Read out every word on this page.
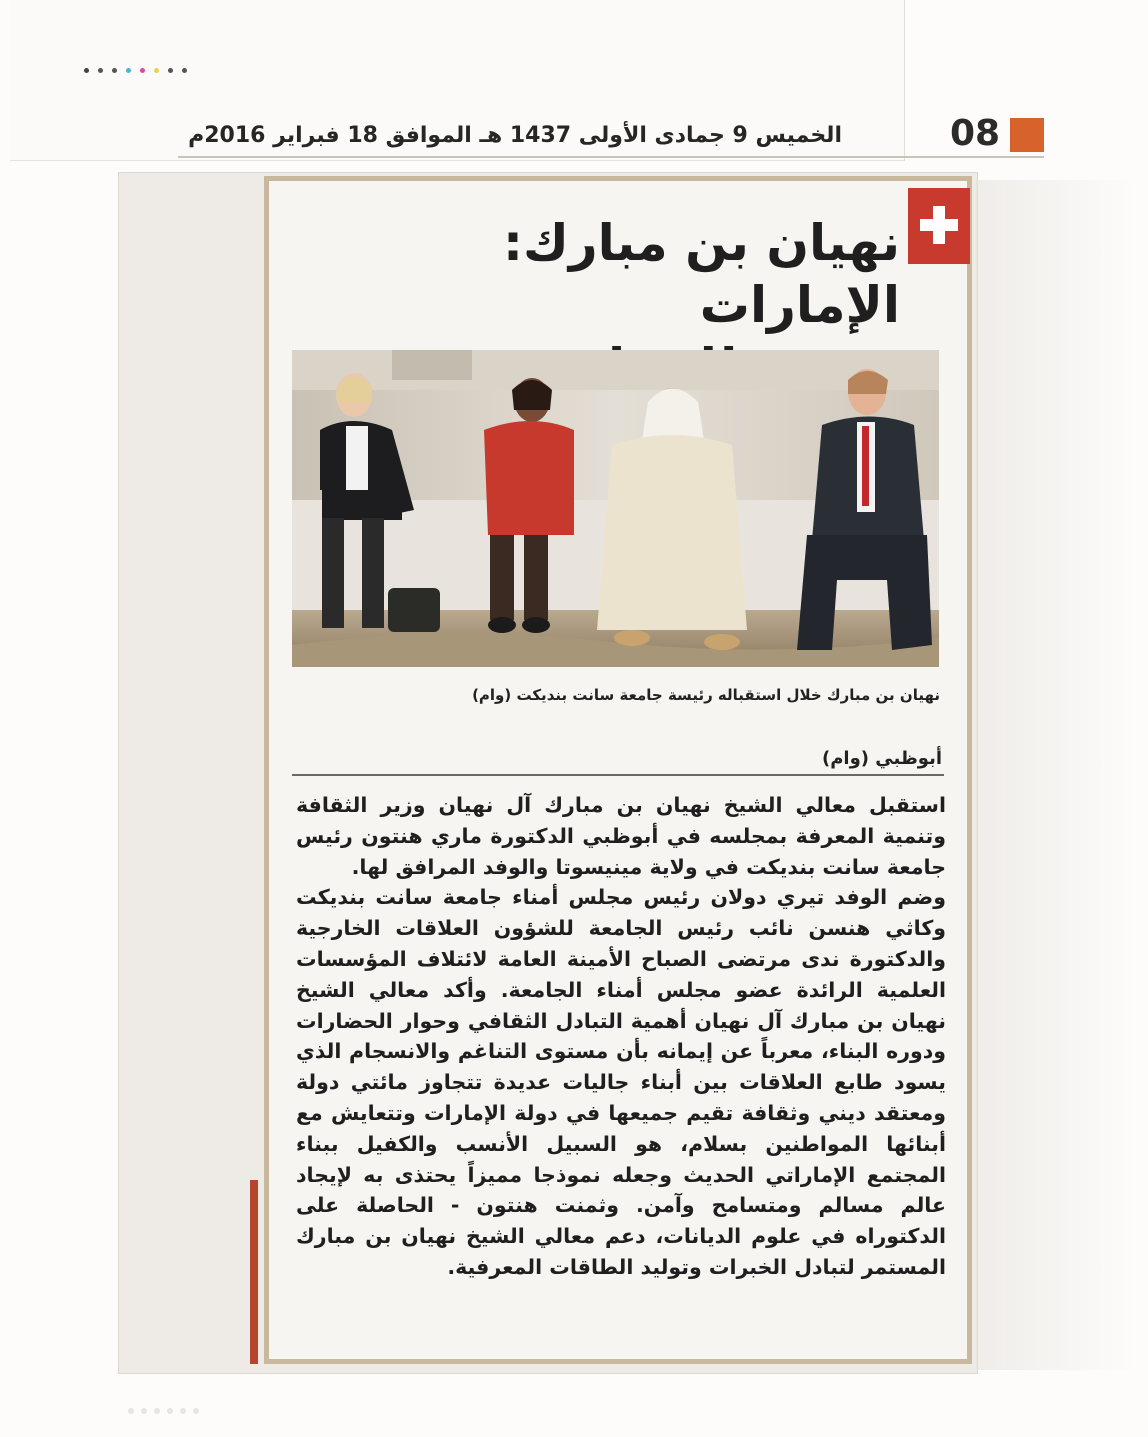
الخميس 9 جمادى الأولى 1437 هـ الموافق 18 فبراير 2016م	08
نهيان بن مبارك: الإمارات
نهيان بن مبارك خلال استقباله رئيسة جامعة سانت بنديكت (وام)
أبوظبي (وام)

استقبل معالي الشيخ نهيان بن مبارك آل نهيان وزير الثقافة وتنمية المعرفة بمجلسه في أبوظبي الدكتورة ماري هنتون رئيس جامعة سانت بنديكت في ولاية مينيسوتا والوفد المرافق لها.

وضم الوفد تيري دولان رئيس مجلس أمناء جامعة سانت بنديكت وكاثي هنسن نائب رئيس الجامعة للشؤون العلاقات الخارجية والدكتورة ندى مرتضى الصباح الأمينة العامة لائتلاف المؤسسات العلمية الرائدة عضو مجلس أمناء الجامعة. وأكد معالي الشيخ نهيان بن مبارك آل نهيان أهمية التبادل الثقافي وحوار الحضارات ودوره البناء، معرباً عن إيمانه بأن مستوى التناغم والانسجام الذي يسود طابع العلاقات بين أبناء جاليات عديدة تتجاوز مائتي دولة ومعتقد ديني وثقافة تقيم جميعها في دولة الإمارات وتتعايش مع أبنائها المواطنين بسلام، هو السبيل الأنسب والكفيل ببناء المجتمع الإماراتي الحديث وجعله نموذجا مميزاً يحتذى به لإيجاد عالم مسالم ومتسامح وآمن. وثمنت هنتون - الحاصلة على الدكتوراه في علوم الديانات، دعم معالي الشيخ نهيان بن مبارك المستمر لتبادل الخبرات وتوليد الطاقات المعرفية.
